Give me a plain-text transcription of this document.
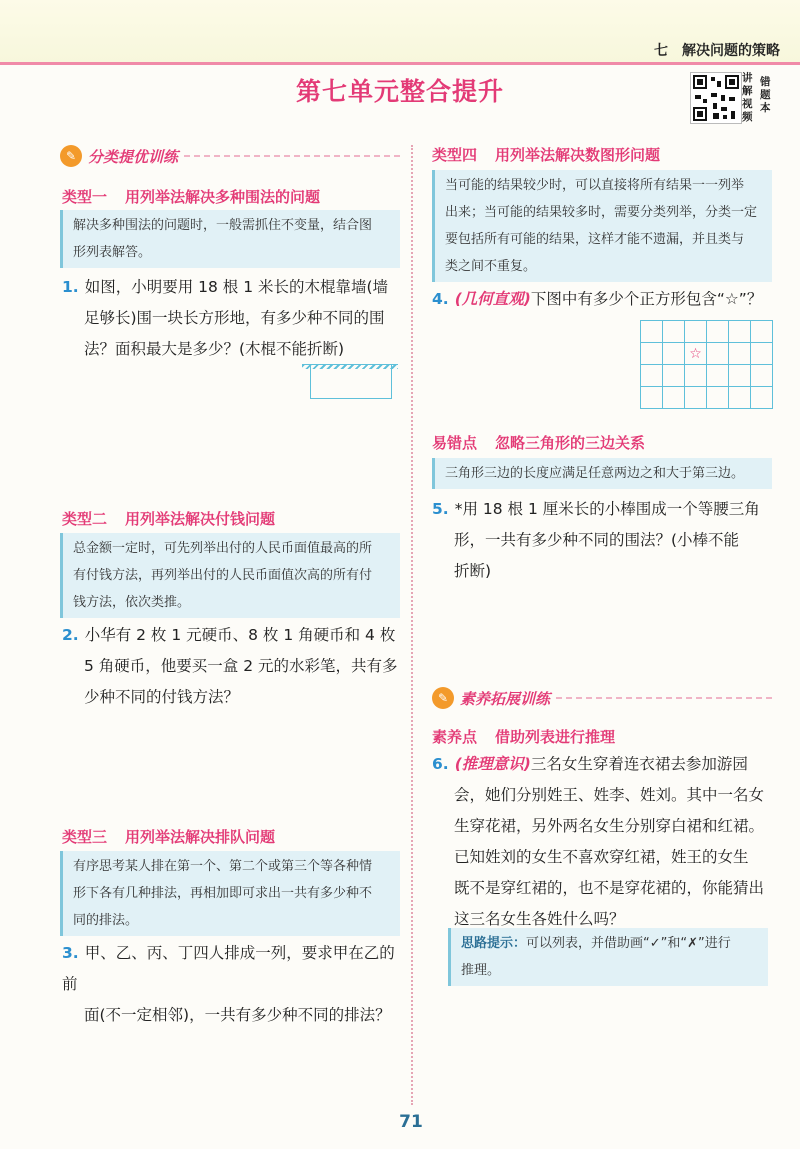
七 解决问题的策略
第七单元整合提升	讲
解
视
频
错
题
本
✎ 分类提优训练
类型一 用列举法解决多种围法的问题
解决多种围法的问题时，一般需抓住不变量，结合图
形列表解答。
1. 如图，小明要用 18 根 1 米长的木棍靠墙(墙
足够长)围一块长方形地，有多少种不同的围
法？面积最大是多少？(木棍不能折断)
类型二 用列举法解决付钱问题
总金额一定时，可先列举出付的人民币面值最高的所
有付钱方法，再列举出付的人民币面值次高的所有付
钱方法，依次类推。
2. 小华有 2 枚 1 元硬币、8 枚 1 角硬币和 4 枚
5 角硬币，他要买一盒 2 元的水彩笔，共有多
少种不同的付钱方法？
类型三 用列举法解决排队问题
有序思考某人排在第一个、第二个或第三个等各种情
形下各有几种排法，再相加即可求出一共有多少种不
同的排法。
3. 甲、乙、丙、丁四人排成一列，要求甲在乙的前
面(不一定相邻)，一共有多少种不同的排法？
类型四 用列举法解决数图形问题
当可能的结果较少时，可以直接将所有结果一一列举
出来；当可能的结果较多时，需要分类列举，分类一定
要包括所有可能的结果，这样才能不遗漏，并且类与
类之间不重复。
4. (几何直观)下图中有多少个正方形包含“☆”？

		☆			

易错点 忽略三角形的三边关系
三角形三边的长度应满足任意两边之和大于第三边。
5. *用 18 根 1 厘米长的小棒围成一个等腰三角
形，一共有多少种不同的围法？(小棒不能
折断)
✎ 素养拓展训练
素养点 借助列表进行推理
6. (推理意识)三名女生穿着连衣裙去参加游园
会，她们分别姓王、姓李、姓刘。其中一名女
生穿花裙，另外两名女生分别穿白裙和红裙。
已知姓刘的女生不喜欢穿红裙，姓王的女生
既不是穿红裙的，也不是穿花裙的，你能猜出
这三名女生各姓什么吗？
思路提示：可以列表，并借助画“✓”和“✗”进行
推理。
71
